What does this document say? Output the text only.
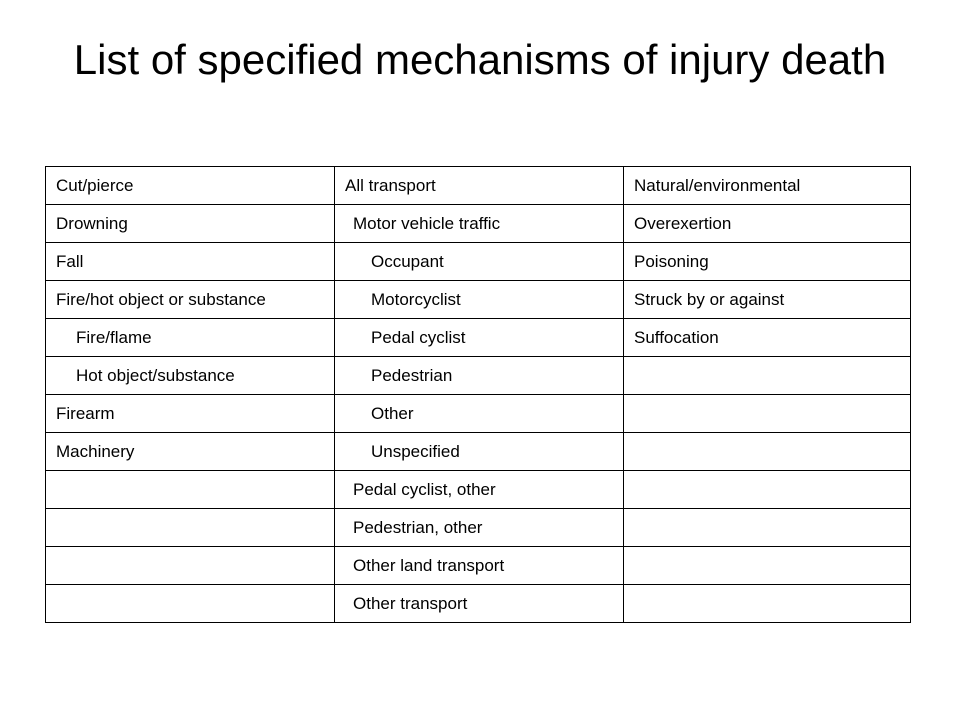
List of specified mechanisms of injury death
Cut/pierce	All transport	Natural/environmental
Drowning	Motor vehicle traffic	Overexertion
Fall	Occupant	Poisoning
Fire/hot object or substance	Motorcyclist	Struck by or against
Fire/flame	Pedal cyclist	Suffocation
Hot object/substance	Pedestrian	
Firearm	Other	
Machinery	Unspecified	
	Pedal cyclist, other	
	Pedestrian, other	
	Other land transport	
	Other transport	
